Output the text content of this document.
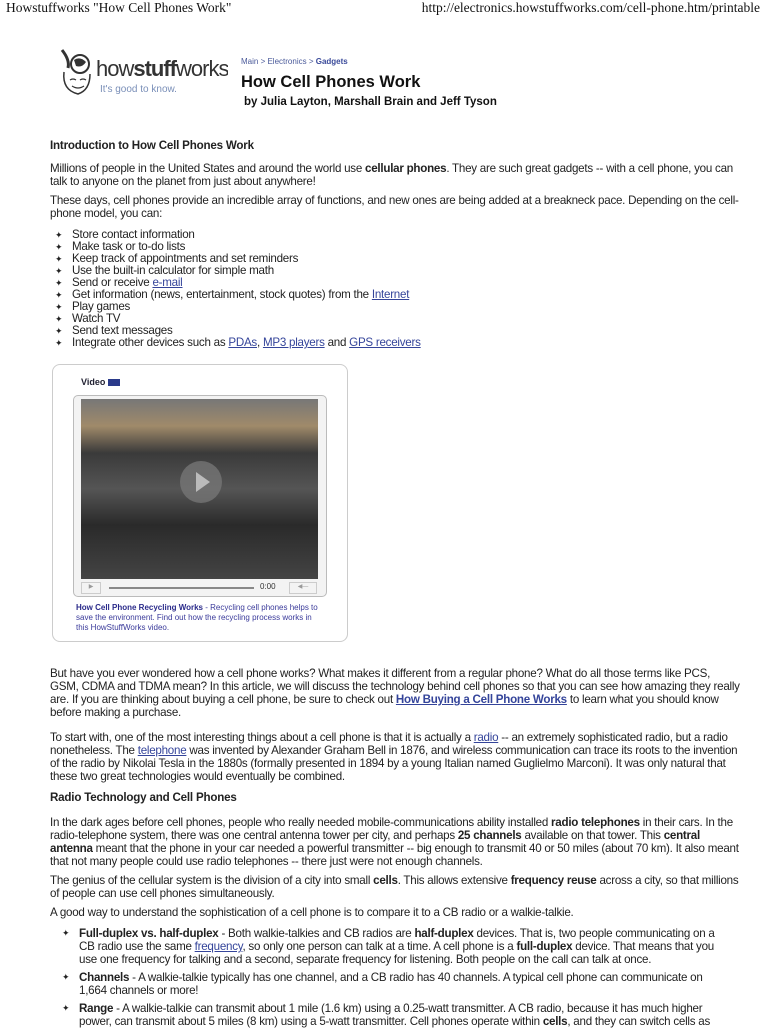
Howstuffworks "How Cell Phones Work"	http://electronics.howstuffworks.com/cell-phone.htm/printable
howstuffworks
It's good to know.
Main > Electronics > Gadgets
How Cell Phones Work
by Julia Layton, Marshall Brain and Jeff Tyson
Introduction to How Cell Phones Work
Millions of people in the United States and around the world use cellular phones. They are such great gadgets -- with a cell phone, you can talk to anyone on the planet from just about anywhere!
These days, cell phones provide an incredible array of functions, and new ones are being added at a breakneck pace. Depending on the cell-phone model, you can:
✦ Store contact information
✦ Make task or to-do lists
✦ Keep track of appointments and set reminders
✦ Use the built-in calculator for simple math
✦ Send or receive e-mail
✦ Get information (news, entertainment, stock quotes) from the Internet
✦ Play games
✦ Watch TV
✦ Send text messages
✦ Integrate other devices such as PDAs, MP3 players and GPS receivers
Video
▶	0:00	◀—
How Cell Phone Recycling Works - Recycling cell phones helps to save the environment. Find out how the recycling process works in this HowStuffWorks video.
But have you ever wondered how a cell phone works? What makes it different from a regular phone? What do all those terms like PCS, GSM, CDMA and TDMA mean? In this article, we will discuss the technology behind cell phones so that you can see how amazing they really are. If you are thinking about buying a cell phone, be sure to check out How Buying a Cell Phone Works to learn what you should know before making a purchase.
To start with, one of the most interesting things about a cell phone is that it is actually a radio -- an extremely sophisticated radio, but a radio nonetheless. The telephone was invented by Alexander Graham Bell in 1876, and wireless communication can trace its roots to the invention of the radio by Nikolai Tesla in the 1880s (formally presented in 1894 by a young Italian named Guglielmo Marconi). It was only natural that these two great technologies would eventually be combined.
Radio Technology and Cell Phones
In the dark ages before cell phones, people who really needed mobile-communications ability installed radio telephones in their cars. In the radio-telephone system, there was one central antenna tower per city, and perhaps 25 channels available on that tower. This central antenna meant that the phone in your car needed a powerful transmitter -- big enough to transmit 40 or 50 miles (about 70 km). It also meant that not many people could use radio telephones -- there just were not enough channels.
The genius of the cellular system is the division of a city into small cells. This allows extensive frequency reuse across a city, so that millions of people can use cell phones simultaneously.
A good way to understand the sophistication of a cell phone is to compare it to a CB radio or a walkie-talkie.
✦ Full-duplex vs. half-duplex - Both walkie-talkies and CB radios are half-duplex devices. That is, two people communicating on a CB radio use the same frequency, so only one person can talk at a time. A cell phone is a full-duplex device. That means that you use one frequency for talking and a second, separate frequency for listening. Both people on the call can talk at once.
✦ Channels - A walkie-talkie typically has one channel, and a CB radio has 40 channels. A typical cell phone can communicate on 1,664 channels or more!
✦ Range - A walkie-talkie can transmit about 1 mile (1.6 km) using a 0.25-watt transmitter. A CB radio, because it has much higher power, can transmit about 5 miles (8 km) using a 5-watt transmitter. Cell phones operate within cells, and they can switch cells as
